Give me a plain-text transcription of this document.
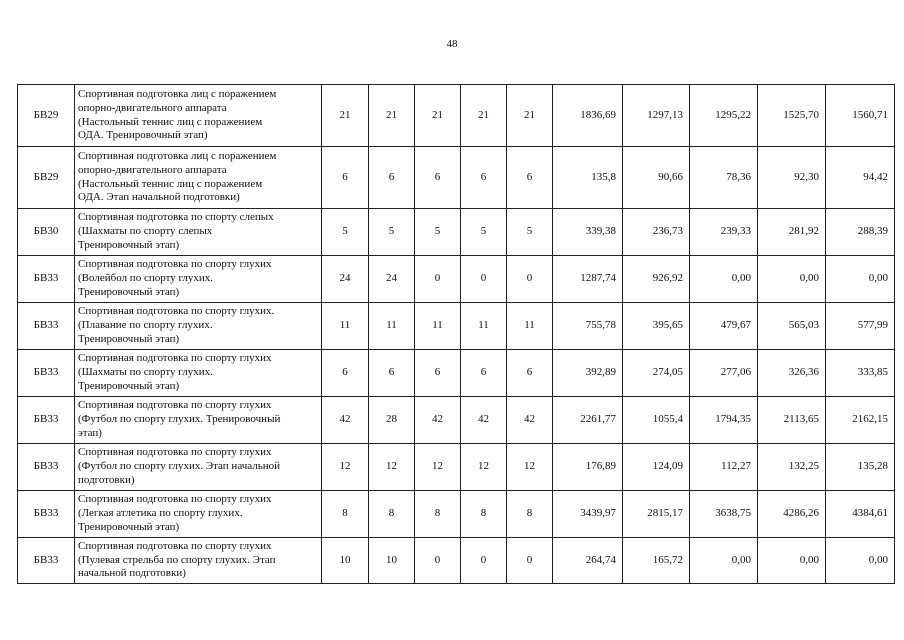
48
БВ29	Спортивная подготовка лиц с поражением
опорно-двигательного аппарата
(Настольный теннис лиц с поражением
ОДА. Тренировочный этап)	21	21	21	21	21	1836,69	1297,13	1295,22	1525,70	1560,71
БВ29	Спортивная подготовка лиц с поражением
опорно-двигательного аппарата
(Настольный теннис лиц с поражением
ОДА. Этап начальной подготовки)	6	6	6	6	6	135,8	90,66	78,36	92,30	94,42
БВ30	Спортивная подготовка по спорту слепых
(Шахматы по спорту слепых
Тренировочный этап)	5	5	5	5	5	339,38	236,73	239,33	281,92	288,39
БВ33	Спортивная подготовка по спорту глухих
(Волейбол по спорту глухих.
Тренировочный этап)	24	24	0	0	0	1287,74	926,92	0,00	0,00	0,00
БВ33	Спортивная подготовка по спорту глухих.
(Плавание по спорту глухих.
Тренировочный этап)	11	11	11	11	11	755,78	395,65	479,67	565,03	577,99
БВ33	Спортивная подготовка по спорту глухих
(Шахматы по спорту глухих.
Тренировочный этап)	6	6	6	6	6	392,89	274,05	277,06	326,36	333,85
БВ33	Спортивная подготовка по спорту глухих
(Футбол по спорту глухих. Тренировочный
этап)	42	28	42	42	42	2261,77	1055,4	1794,35	2113,65	2162,15
БВ33	Спортивная подготовка по спорту глухих
(Футбол по спорту глухих. Этап начальной
подготовки)	12	12	12	12	12	176,89	124,09	112,27	132,25	135,28
БВ33	Спортивная подготовка по спорту глухих
(Легкая атлетика по спорту глухих.
Тренировочный этап)	8	8	8	8	8	3439,97	2815,17	3638,75	4286,26	4384,61
БВ33	Спортивная подготовка по спорту глухих
(Пулевая стрельба по спорту глухих. Этап
начальной подготовки)	10	10	0	0	0	264,74	165,72	0,00	0,00	0,00
